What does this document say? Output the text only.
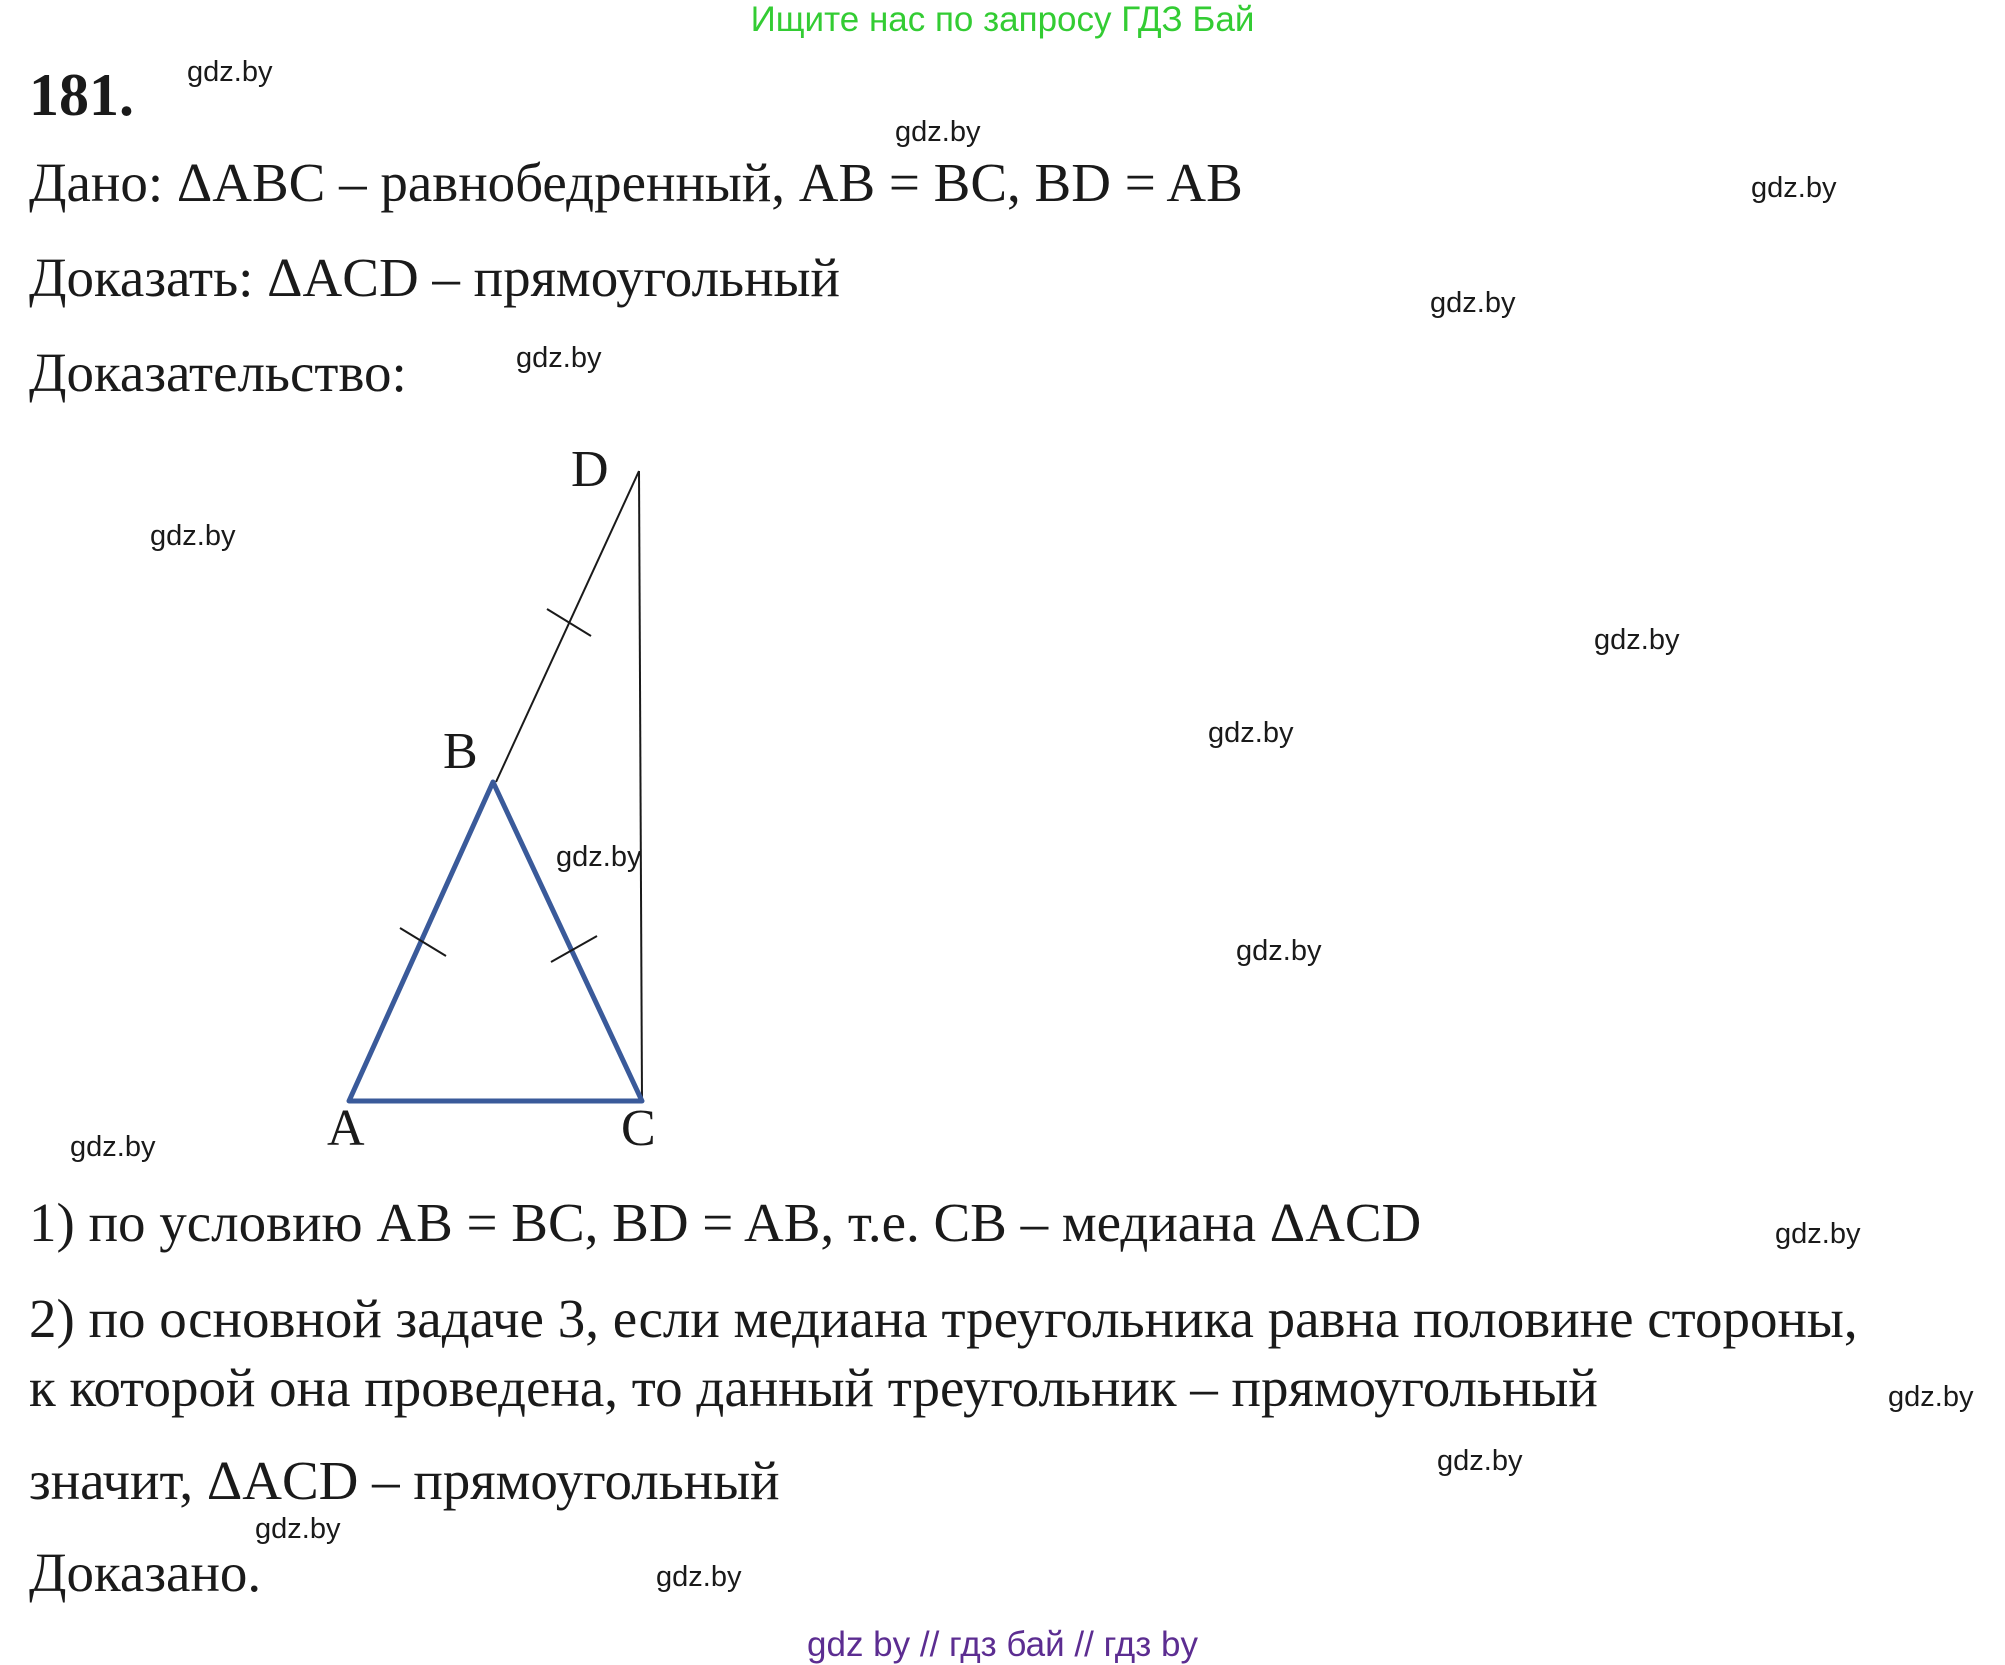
Ищите нас по запросу ГДЗ Бай
181.
Дано: ΔABC – равнобедренный, AB = BC, BD = AB
Доказать: ΔACD – прямоугольный
Доказательство:
D
B
A	C
1) по условию AB = BC, BD = AB, т.е. CB – медиана ΔACD
2) по основной задаче 3, если медиана треугольника равна половине стороны,
к которой она проведена, то данный треугольник – прямоугольный
значит, ΔACD – прямоугольный
Доказано.
gdz.by
gdz.by
gdz.by
gdz.by
gdz.by
gdz.by
gdz.by
gdz.by
gdz.by
gdz.by
gdz.by
gdz.by
gdz.by
gdz.by
gdz.by
gdz.by
gdz by // гдз бай // гдз by
